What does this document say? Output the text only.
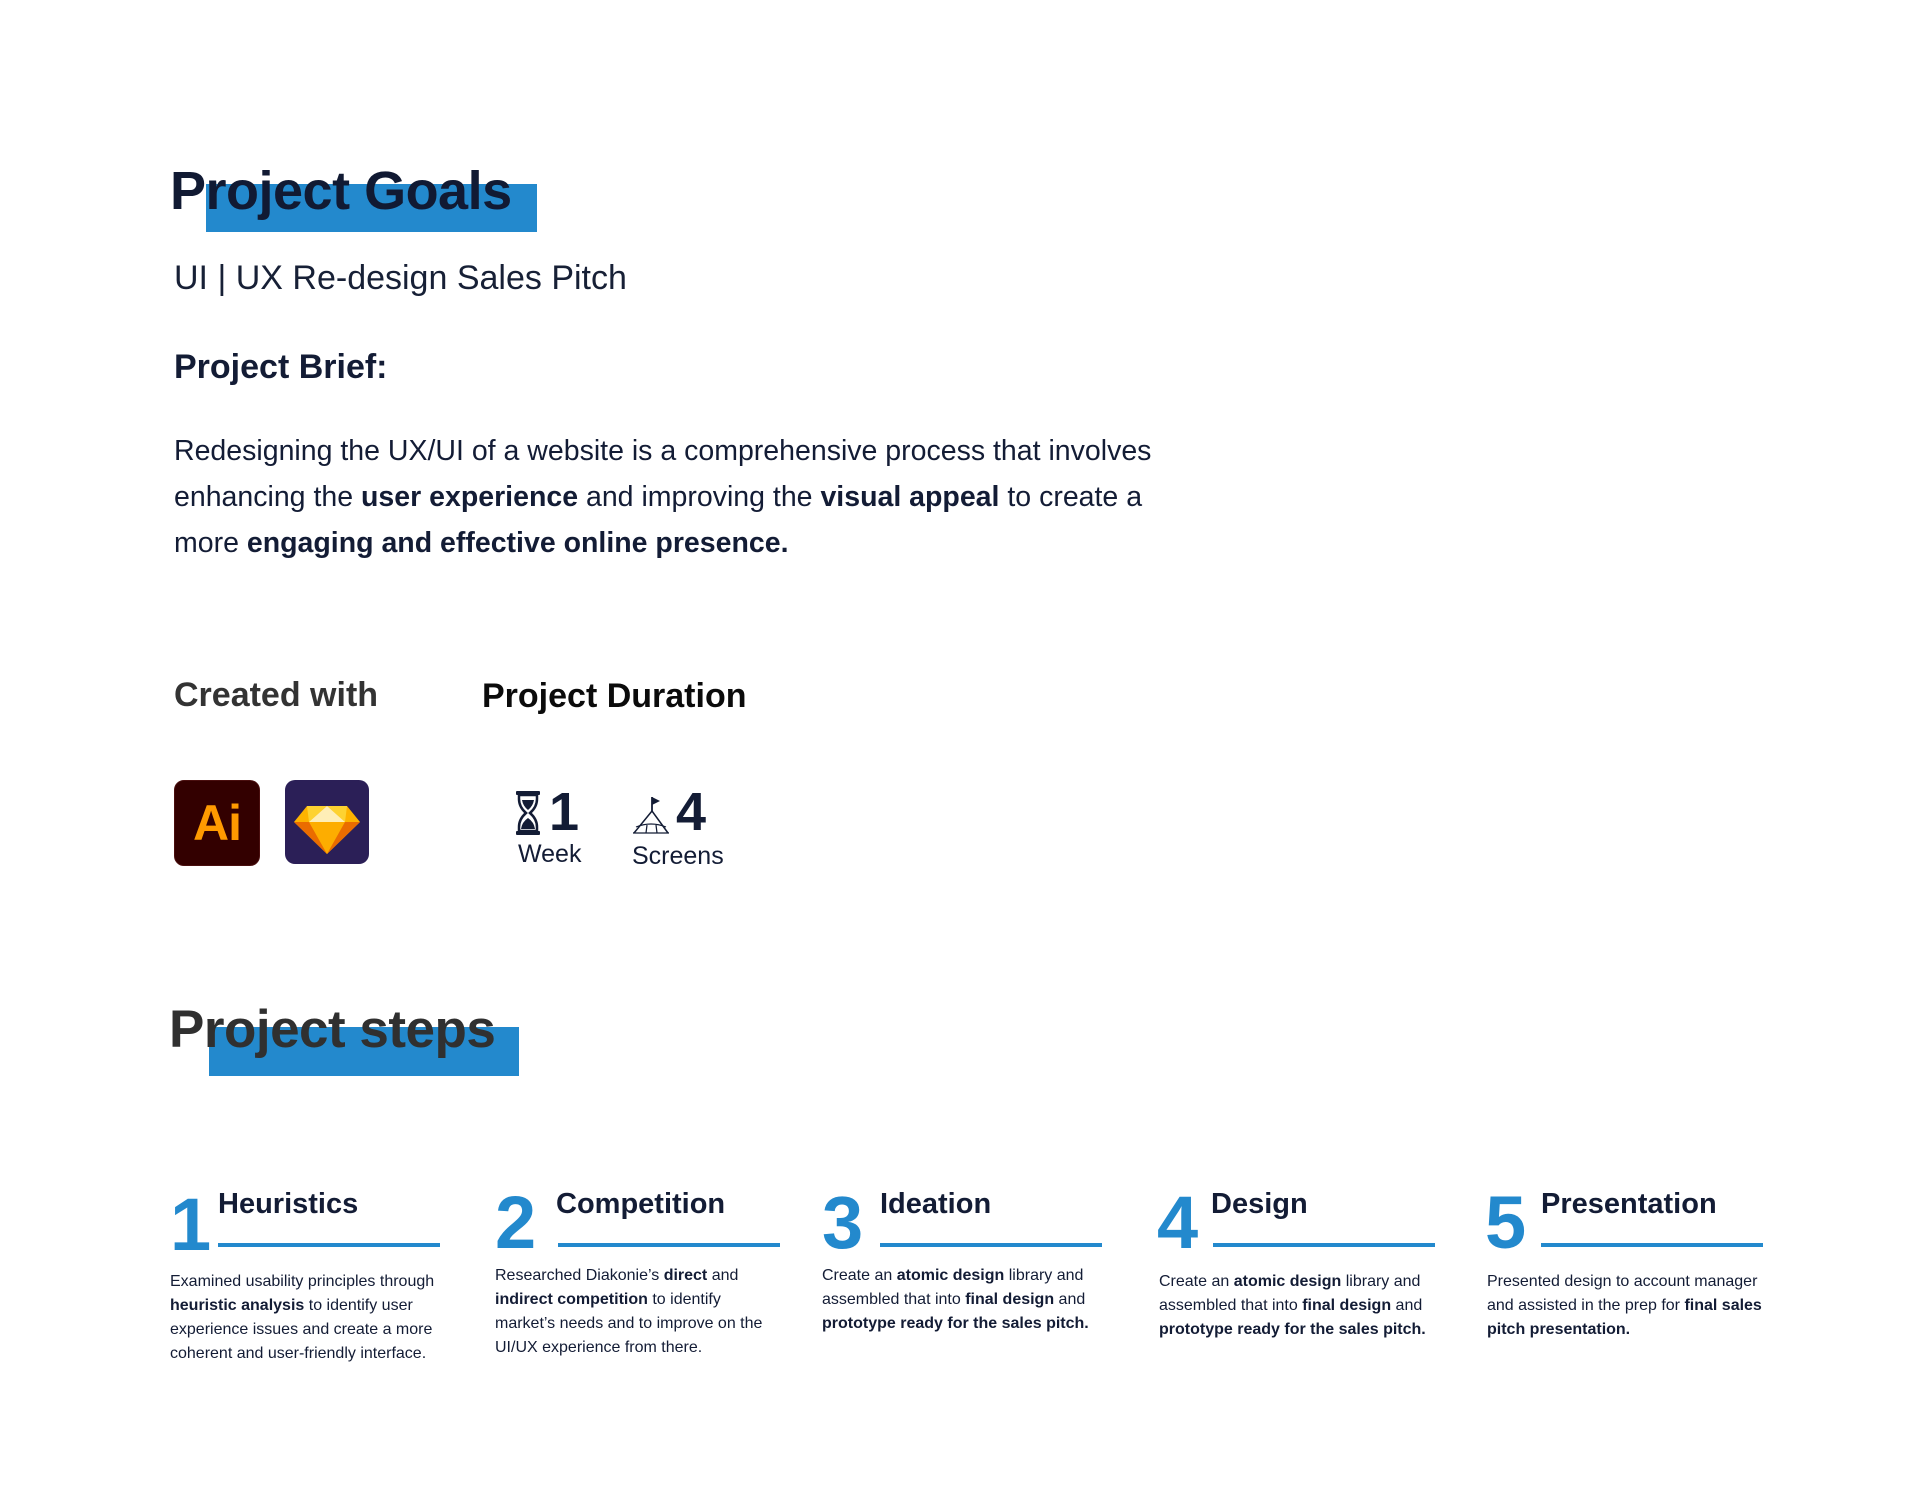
Project Goals
UI | UX Re-design Sales Pitch
Project Brief:

Redesigning the UX/UI of a website is a comprehensive process that involves enhancing the user experience and improving the visual appeal to create a more engaging and effective online presence.

Created with
Ai
Project Duration
1
Week
4
Screens
Project steps
1 Heuristics
Examined usability principles through heuristic analysis to identify user experience issues and create a more coherent and user-friendly interface.
2 Competition
Researched Diakonie’s direct and indirect competition to identify market’s needs and to improve on the UI/UX experience from there.
3 Ideation
Create an atomic design library and assembled that into final design and prototype ready for the sales pitch.
4 Design
Create an atomic design library and assembled that into final design and prototype ready for the sales pitch.
5 Presentation
Presented design to account manager and assisted in the prep for final sales pitch presentation.
